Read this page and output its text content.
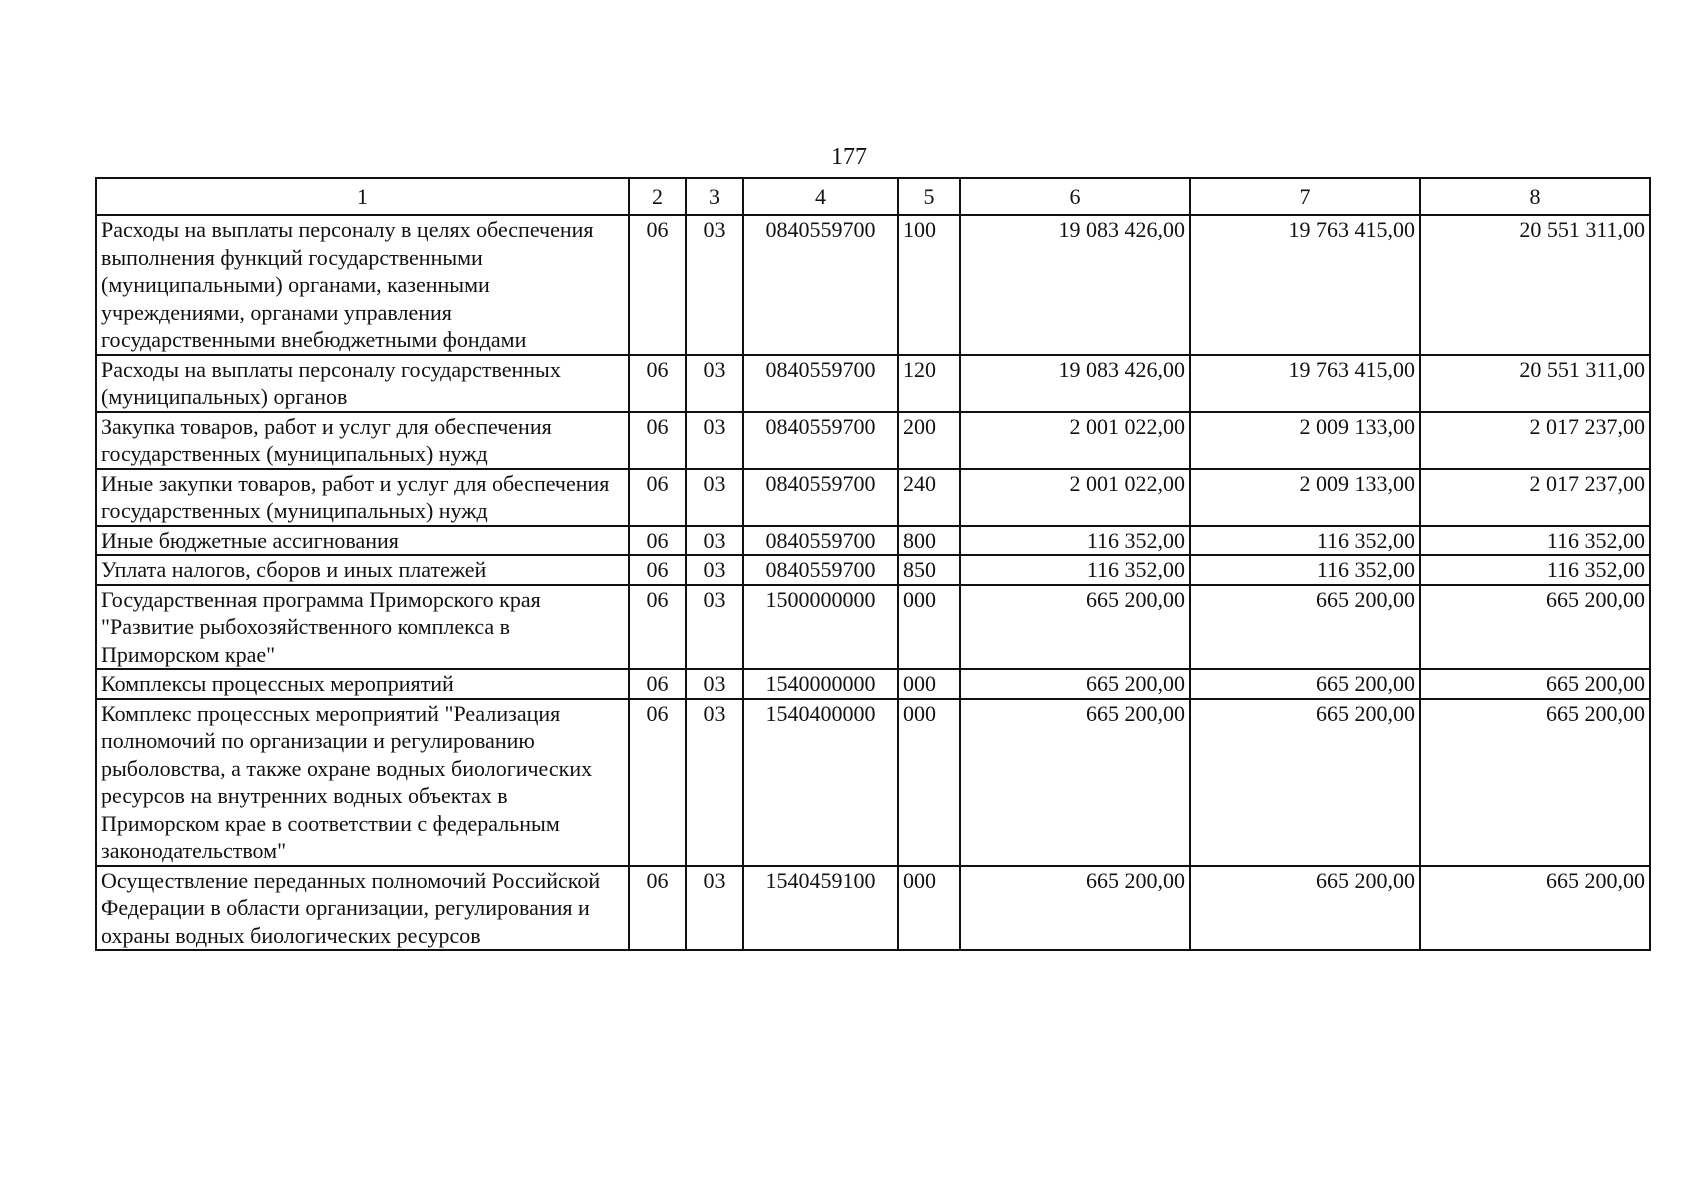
177
1	2	3	4	5	6	7	8
Расходы на выплаты персоналу в целях обеспечения выполнения функций государственными (муниципальными) органами, казенными учреждениями, органами управления государственными внебюджетными фондами	06	03	0840559700	100	19 083 426,00	19 763 415,00	20 551 311,00
Расходы на выплаты персоналу государственных (муниципальных) органов	06	03	0840559700	120	19 083 426,00	19 763 415,00	20 551 311,00
Закупка товаров, работ и услуг для обеспечения государственных (муниципальных) нужд	06	03	0840559700	200	2 001 022,00	2 009 133,00	2 017 237,00
Иные закупки товаров, работ и услуг для обеспечения государственных (муниципальных) нужд	06	03	0840559700	240	2 001 022,00	2 009 133,00	2 017 237,00
Иные бюджетные ассигнования	06	03	0840559700	800	116 352,00	116 352,00	116 352,00
Уплата налогов, сборов и иных платежей	06	03	0840559700	850	116 352,00	116 352,00	116 352,00
Государственная программа Приморского края "Развитие рыбохозяйственного комплекса в Приморском крае"	06	03	1500000000	000	665 200,00	665 200,00	665 200,00
Комплексы процессных мероприятий	06	03	1540000000	000	665 200,00	665 200,00	665 200,00
Комплекс процессных мероприятий "Реализация полномочий по организации и регулированию рыболовства, а также охране водных биологических ресурсов на внутренних водных объектах в Приморском крае в соответствии с федеральным законодательством"	06	03	1540400000	000	665 200,00	665 200,00	665 200,00
Осуществление переданных полномочий Российской Федерации в области организации, регулирования и охраны водных биологических ресурсов	06	03	1540459100	000	665 200,00	665 200,00	665 200,00
